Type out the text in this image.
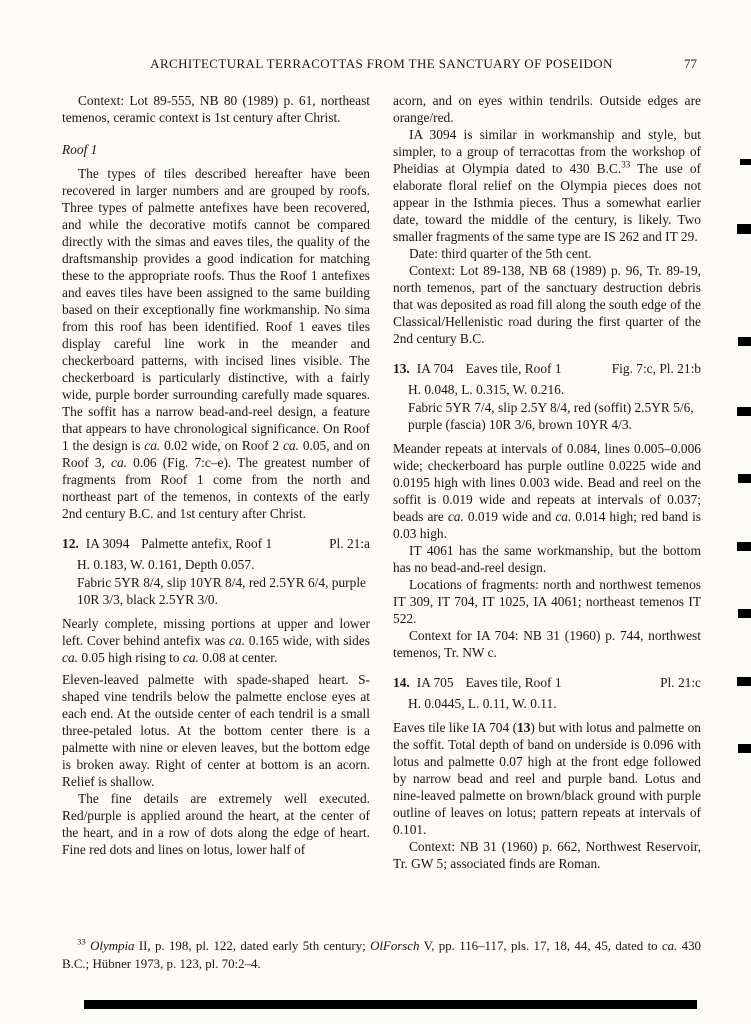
ARCHITECTURAL TERRACOTTAS FROM THE SANCTUARY OF POSEIDON	77

Context: Lot 89-555, NB 80 (1989) p. 61, northeast temenos, ceramic context is 1st century after Christ.

Roof 1

The types of tiles described hereafter have been recovered in larger numbers and are grouped by roofs. Three types of palmette antefixes have been recovered, and while the decorative motifs cannot be compared directly with the simas and eaves tiles, the quality of the draftsmanship provides a good indication for matching these to the appropriate roofs. Thus the Roof 1 antefixes and eaves tiles have been assigned to the same building based on their exceptionally fine workmanship. No sima from this roof has been identified. Roof 1 eaves tiles display careful line work in the meander and checkerboard patterns, with incised lines visible. The checkerboard is particularly distinctive, with a fairly wide, purple border surrounding carefully made squares. The soffit has a narrow bead-and-reel design, a feature that appears to have chronological significance. On Roof 1 the design is ca. 0.02 wide, on Roof 2 ca. 0.05, and on Roof 3, ca. 0.06 (Fig. 7:c–e). The greatest number of fragments from Roof 1 come from the north and northeast part of the temenos, in contexts of the early 2nd century B.C. and 1st century after Christ.

12. IA 3094 Palmette antefix, Roof 1	Pl. 21:a

H. 0.183, W. 0.161, Depth 0.057.

Fabric 5YR 8/4, slip 10YR 8/4, red 2.5YR 6/4, purple 10R 3/3, black 2.5YR 3/0.

Nearly complete, missing portions at upper and lower left. Cover behind antefix was ca. 0.165 wide, with sides ca. 0.05 high rising to ca. 0.08 at center.

Eleven-leaved palmette with spade-shaped heart. S-shaped vine tendrils below the palmette enclose eyes at each end. At the outside center of each tendril is a small three-petaled lotus. At the bottom center there is a palmette with nine or eleven leaves, but the bottom edge is broken away. Right of center at bottom is an acorn. Relief is shallow.

The fine details are extremely well executed. Red/purple is applied around the heart, at the center of the heart, and in a row of dots along the edge of heart. Fine red dots and lines on lotus, lower half of

acorn, and on eyes within tendrils. Outside edges are orange/red.

IA 3094 is similar in workmanship and style, but simpler, to a group of terracottas from the workshop of Pheidias at Olympia dated to 430 B.C.$^{33}$ The use of elaborate floral relief on the Olympia pieces does not appear in the Isthmia pieces. Thus a somewhat earlier date, toward the middle of the century, is likely. Two smaller fragments of the same type are IS 262 and IT 29.

Date: third quarter of the 5th cent.

Context: Lot 89-138, NB 68 (1989) p. 96, Tr. 89-19, north temenos, part of the sanctuary destruction debris that was deposited as road fill along the south edge of the Classical/Hellenistic road during the first quarter of the 2nd century B.C.

13. IA 704 Eaves tile, Roof 1	Fig. 7:c, Pl. 21:b

H. 0.048, L. 0.315, W. 0.216.

Fabric 5YR 7/4, slip 2.5Y 8/4, red (soffit) 2.5YR 5/6, purple (fascia) 10R 3/6, brown 10YR 4/3.

Meander repeats at intervals of 0.084, lines 0.005–0.006 wide; checkerboard has purple outline 0.0225 wide and 0.0195 high with lines 0.003 wide. Bead and reel on the soffit is 0.019 wide and repeats at intervals of 0.037; beads are ca. 0.019 wide and ca. 0.014 high; red band is 0.03 high.

IT 4061 has the same workmanship, but the bottom has no bead-and-reel design.

Locations of fragments: north and northwest temenos IT 309, IT 704, IT 1025, IA 4061; northeast temenos IT 522.

Context for IA 704: NB 31 (1960) p. 744, northwest temenos, Tr. NW c.

14. IA 705 Eaves tile, Roof 1	Pl. 21:c

H. 0.0445, L. 0.11, W. 0.11.

Eaves tile like IA 704 (13) but with lotus and palmette on the soffit. Total depth of band on underside is 0.096 with lotus and palmette 0.07 high at the front edge followed by narrow bead and reel and purple band. Lotus and nine-leaved palmette on brown/black ground with purple outline of leaves on lotus; pattern repeats at intervals of 0.101.

Context: NB 31 (1960) p. 662, Northwest Reservoir, Tr. GW 5; associated finds are Roman.

$^{33}$ Olympia II, p. 198, pl. 122, dated early 5th century; OlForsch V, pp. 116–117, pls. 17, 18, 44, 45, dated to ca. 430 B.C.; Hübner 1973, p. 123, pl. 70:2–4.
